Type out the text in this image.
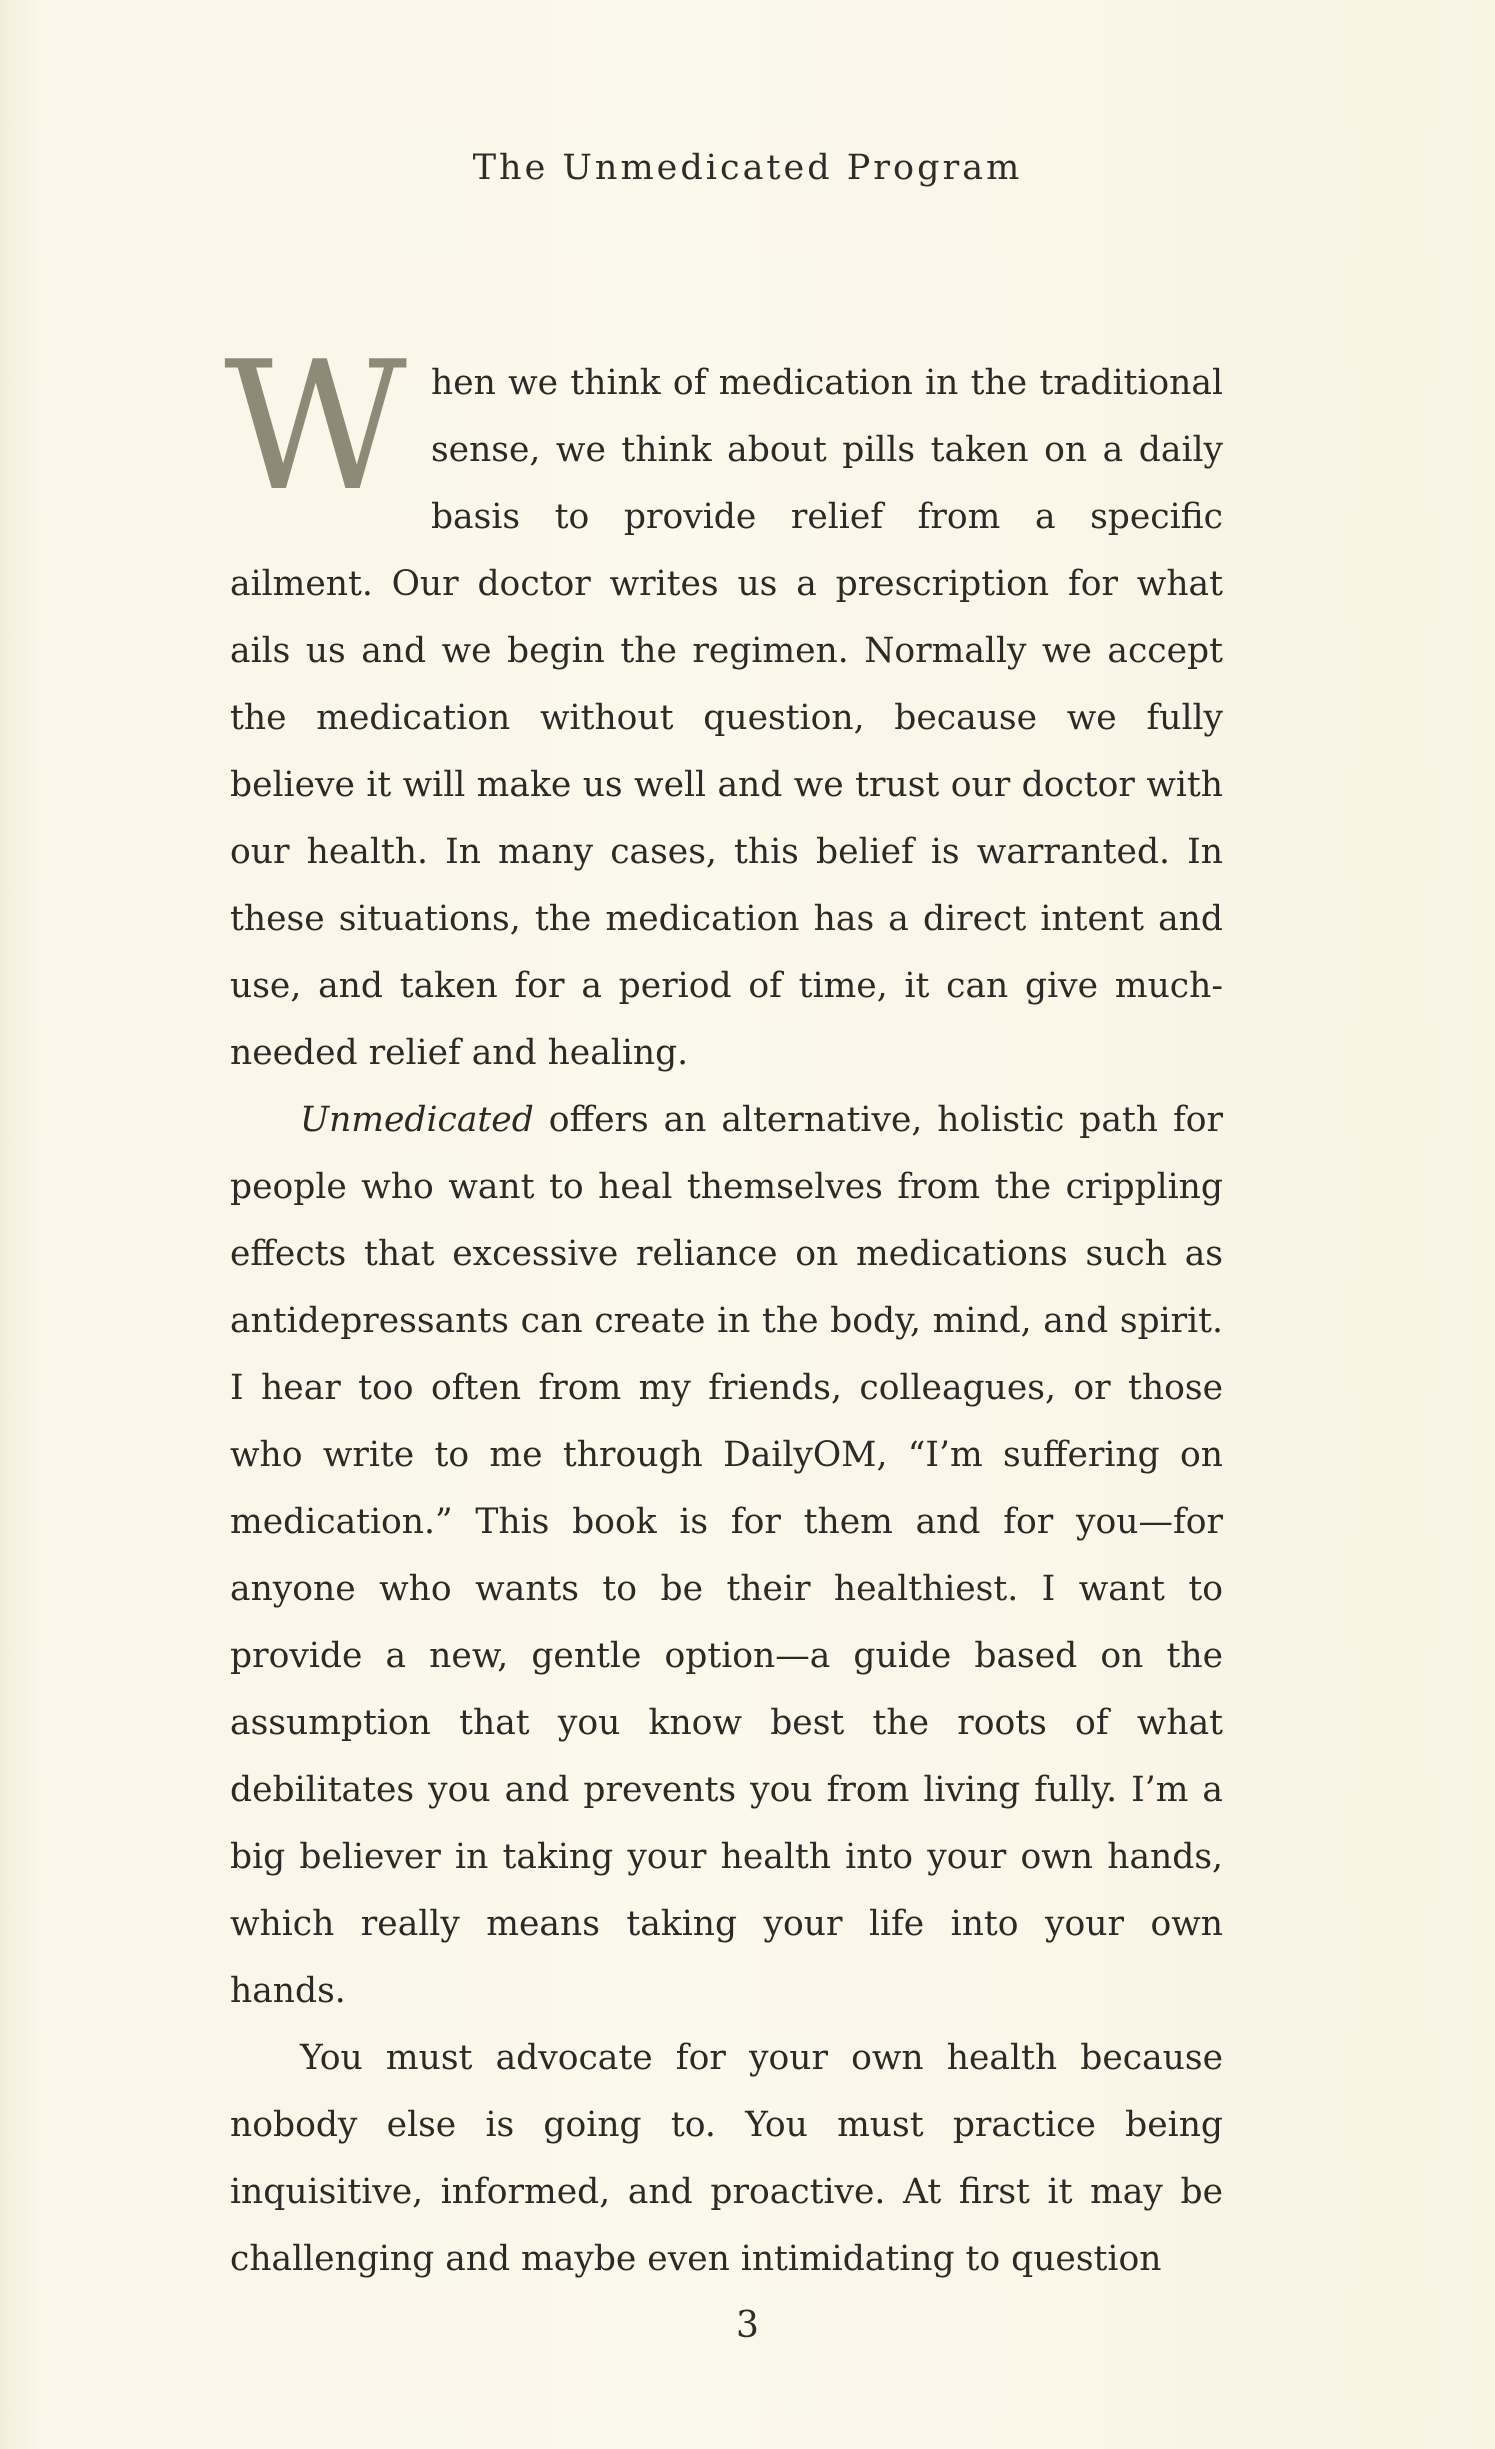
The Unmedicated Program

When we think of medication in the traditional sense, we think about pills taken on a daily basis to provide relief from a specific ailment. Our doctor writes us a prescription for what ails us and we begin the regimen. Normally we accept the medication without question, because we fully believe it will make us well and we trust our doctor with our health. In many cases, this belief is warranted. In these situations, the medication has a direct intent and use, and taken for a period of time, it can give much-needed relief and healing.

Unmedicated offers an alternative, holistic path for people who want to heal themselves from the crippling effects that excessive reliance on medications such as antidepressants can create in the body, mind, and spirit. I hear too often from my friends, colleagues, or those who write to me through DailyOM, “I’m suffering on medication.” This book is for them and for you—for anyone who wants to be their healthiest. I want to provide a new, gentle option—a guide based on the assumption that you know best the roots of what debilitates you and prevents you from living fully. I’m a big believer in taking your health into your own hands, which really means taking your life into your own hands.

You must advocate for your own health because nobody else is going to. You must practice being inquisitive, informed, and proactive. At first it may be challenging and maybe even intimidating to question

3
